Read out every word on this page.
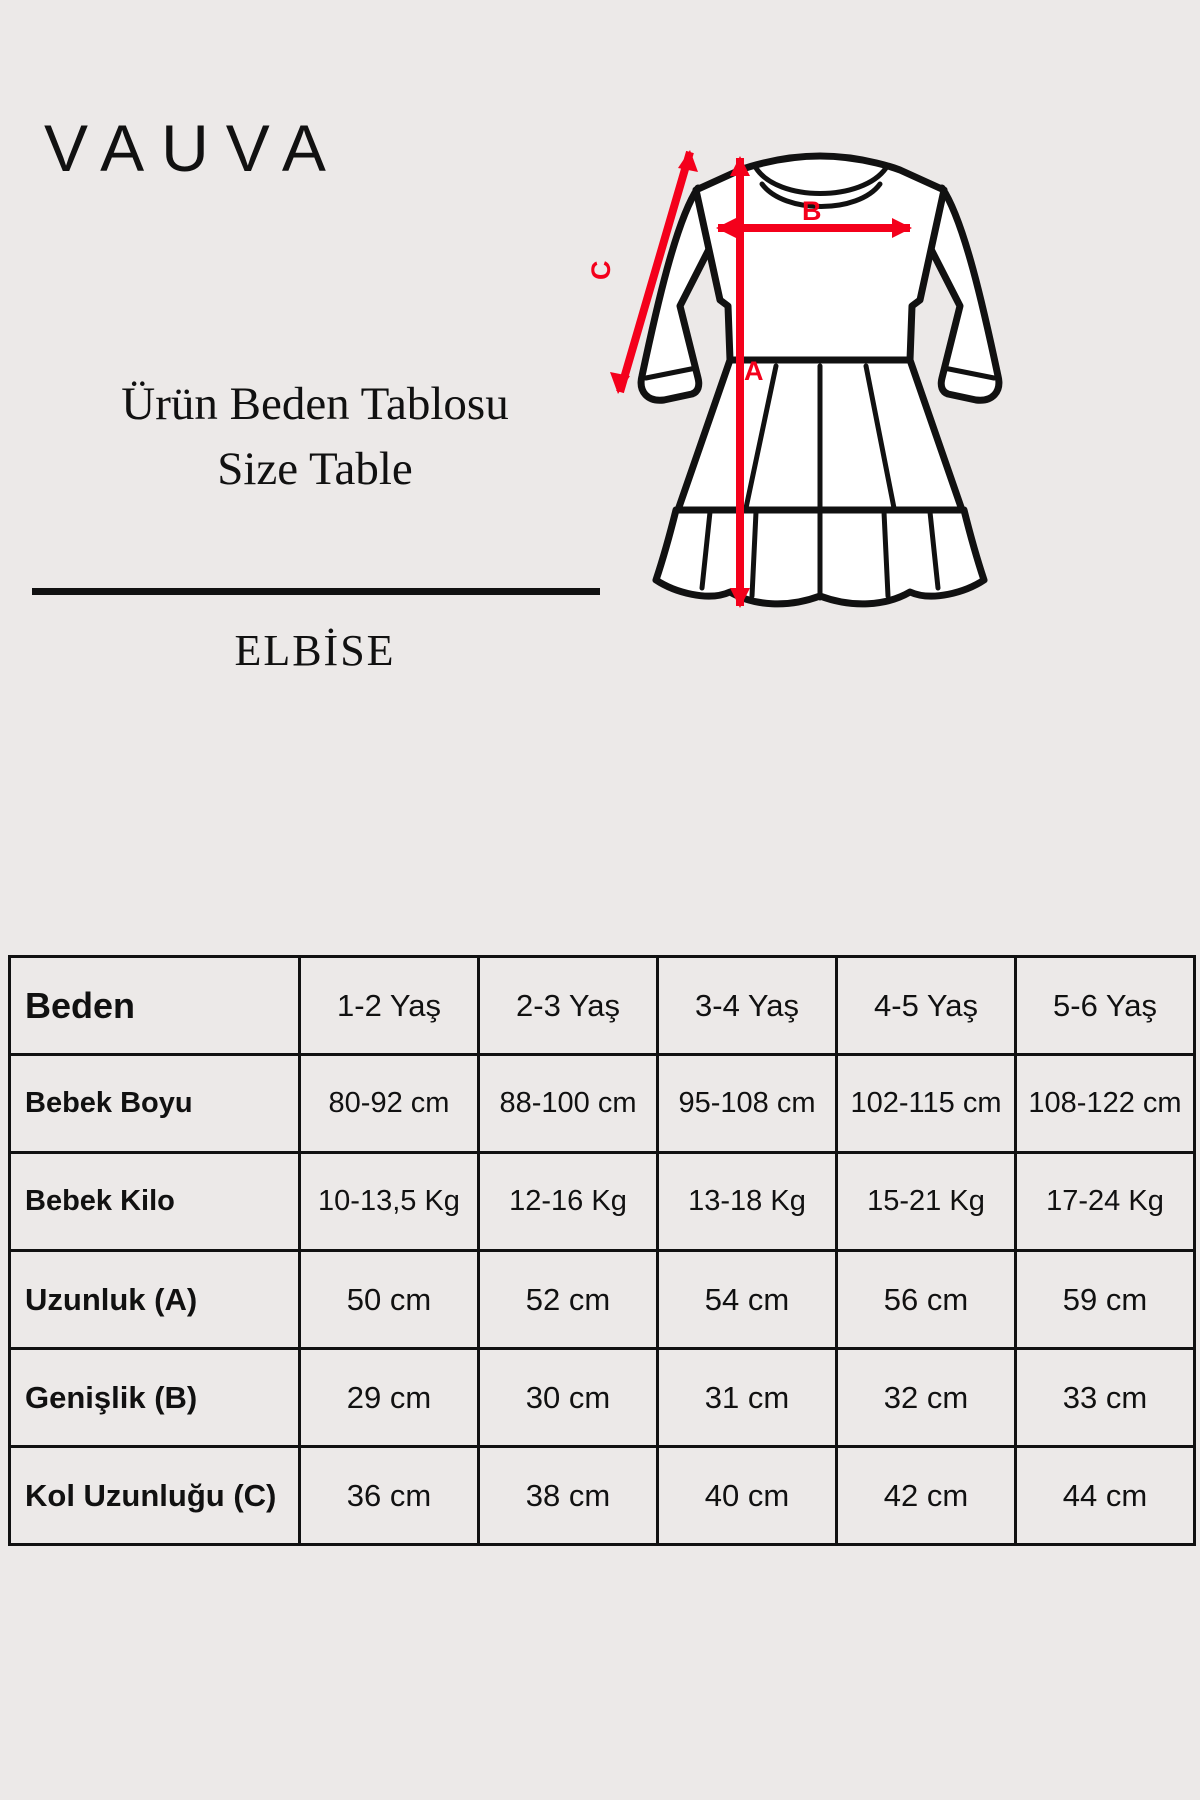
VAUVA
Ürün Beden Tablosu
Size Table
ELBİSE
A
B
C
Beden	1-2 Yaş	2-3 Yaş	3-4 Yaş	4-5 Yaş	5-6 Yaş
Bebek Boyu	80-92 cm	88-100 cm	95-108 cm	102-115 cm	108-122 cm
Bebek Kilo	10-13,5 Kg	12-16 Kg	13-18 Kg	15-21 Kg	17-24 Kg
Uzunluk (A)	50 cm	52 cm	54 cm	56 cm	59 cm
Genişlik (B)	29 cm	30 cm	31 cm	32 cm	33 cm
Kol Uzunluğu (C)	36 cm	38 cm	40 cm	42 cm	44 cm
